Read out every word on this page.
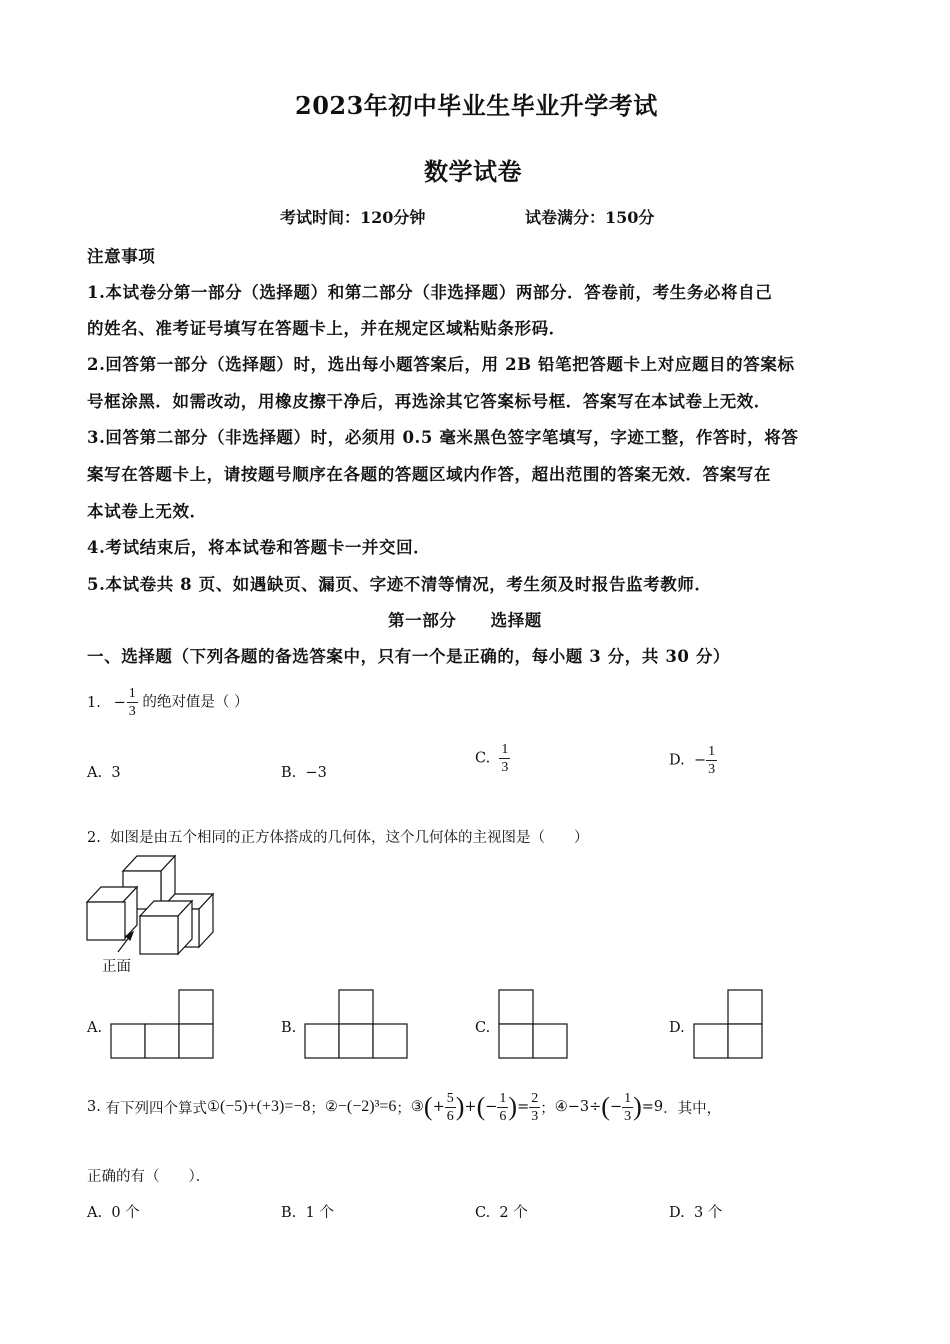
2023年初中毕业生毕业升学考试
数学试卷
考试时间：120分钟	试卷满分：150分
注意事项
1.本试卷分第一部分（选择题）和第二部分（非选择题）两部分．答卷前，考生务必将自己
的姓名、准考证号填写在答题卡上，并在规定区域粘贴条形码．
2.回答第一部分（选择题）时，选出每小题答案后，用 2B 铅笔把答题卡上对应题目的答案标
号框涂黑．如需改动，用橡皮擦干净后，再选涂其它答案标号框．答案写在本试卷上无效．
3.回答第二部分（非选择题）时，必须用 0.5 毫米黑色签字笔填写，字迹工整，作答时，将答
案写在答题卡上，请按题号顺序在各题的答题区域内作答，超出范围的答案无效．答案写在
本试卷上无效．
4.考试结束后，将本试卷和答题卡一并交回．
5.本试卷共 8 页、如遇缺页、漏页、字迹不清等情况，考生须及时报告监考教师．
第一部分　　选择题
一、选择题（下列各题的备选答案中，只有一个是正确的，每小题 3 分，共 30 分）
1. − $\frac{1}{3}$ 的绝对值是（ ）
A. 3	B. −3
C. $\frac{1}{3}$	D. − $\frac{1}{3}$
2. 如图是由五个相同的正方体搭成的几何体，这个几何体的主视图是（　　）
正面
A.	B.	C.	D.
3.
有下列四个算式 ① (−5)+(+3)=−8 ； ② −(−2)³=6 ； ③ ( + $\frac{5}{6}$ ) + ( − $\frac{1}{6}$ ) = $\frac{2}{3}$ ； ④ −3÷ ( − $\frac{1}{3}$ ) =9 ．其中，
正确的有（　　）．
A. 0 个	B. 1 个	C. 2 个	D. 3 个
